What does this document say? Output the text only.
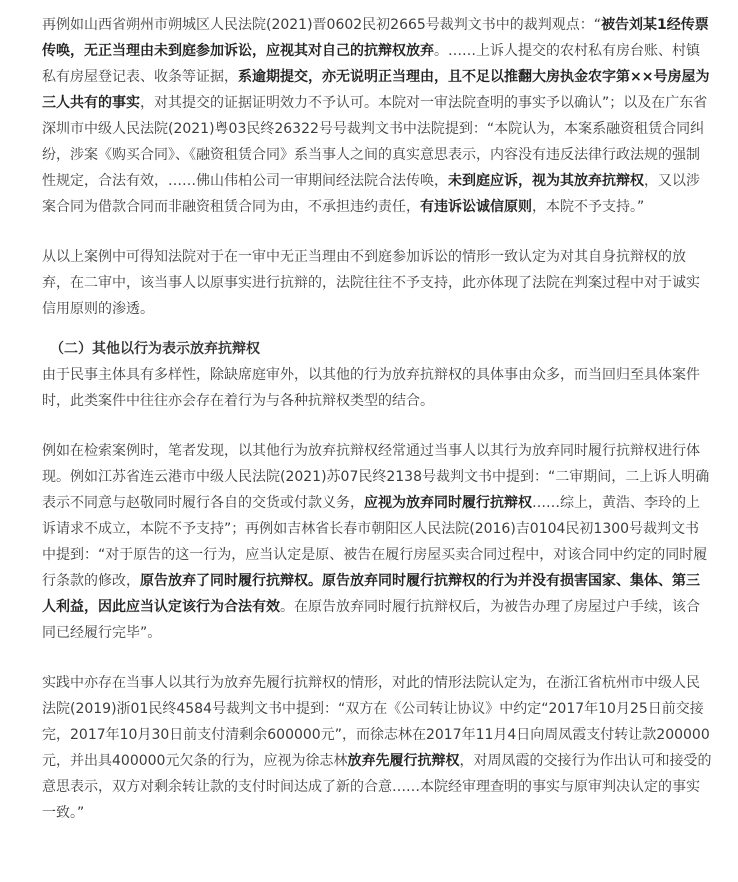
再例如山西省朔州市朔城区人民法院(2021)晋0602民初2665号裁判文书中的裁判观点：“被告刘某1经传票传唤，无正当理由未到庭参加诉讼，应视其对自己的抗辩权放弃。……上诉人提交的农村私有房台账、村镇私有房屋登记表、收条等证据，系逾期提交，亦无说明正当理由，且不足以推翻大房执金农字第××号房屋为三人共有的事实，对其提交的证据证明效力不予认可。本院对一审法院查明的事实予以确认”；以及在广东省深圳市中级人民法院(2021)粤03民终26322号号裁判文书中法院提到：“本院认为，本案系融资租赁合同纠纷，涉案《购买合同》、《融资租赁合同》系当事人之间的真实意思表示，内容没有违反法律行政法规的强制性规定，合法有效，……佛山伟柏公司一审期间经法院合法传唤，未到庭应诉，视为其放弃抗辩权，又以涉案合同为借款合同而非融资租赁合同为由，不承担违约责任，有违诉讼诚信原则，本院不予支持。”

从以上案例中可得知法院对于在一审中无正当理由不到庭参加诉讼的情形一致认定为对其自身抗辩权的放弃，在二审中，该当事人以原事实进行抗辩的，法院往往不予支持，此亦体现了法院在判案过程中对于诚实信用原则的渗透。

（二）其他以行为表示放弃抗辩权

由于民事主体具有多样性，除缺席庭审外，以其他的行为放弃抗辩权的具体事由众多，而当回归至具体案件时，此类案件中往往亦会存在着行为与各种抗辩权类型的结合。

例如在检索案例时，笔者发现，以其他行为放弃抗辩权经常通过当事人以其行为放弃同时履行抗辩权进行体现。例如江苏省连云港市中级人民法院(2021)苏07民终2138号裁判文书中提到：“二审期间，二上诉人明确表示不同意与赵敬同时履行各自的交货或付款义务，应视为放弃同时履行抗辩权……综上，黄浩、李玲的上诉请求不成立，本院不予支持”；再例如吉林省长春市朝阳区人民法院(2016)吉0104民初1300号裁判文书中提到：“对于原告的这一行为，应当认定是原、被告在履行房屋买卖合同过程中，对该合同中约定的同时履行条款的修改，原告放弃了同时履行抗辩权。原告放弃同时履行抗辩权的行为并没有损害国家、集体、第三人利益，因此应当认定该行为合法有效。在原告放弃同时履行抗辩权后，为被告办理了房屋过户手续，该合同已经履行完毕”。

实践中亦存在当事人以其行为放弃先履行抗辩权的情形，对此的情形法院认定为，在浙江省杭州市中级人民法院(2019)浙01民终4584号裁判文书中提到：“双方在《公司转让协议》中约定“2017年10月25日前交接完，2017年10月30日前支付清剩余600000元”，而徐志林在2017年11月4日向周凤霞支付转让款200000元，并出具400000元欠条的行为，应视为徐志林放弃先履行抗辩权，对周凤霞的交接行为作出认可和接受的意思表示，双方对剩余转让款的支付时间达成了新的合意……本院经审理查明的事实与原审判决认定的事实一致。”
